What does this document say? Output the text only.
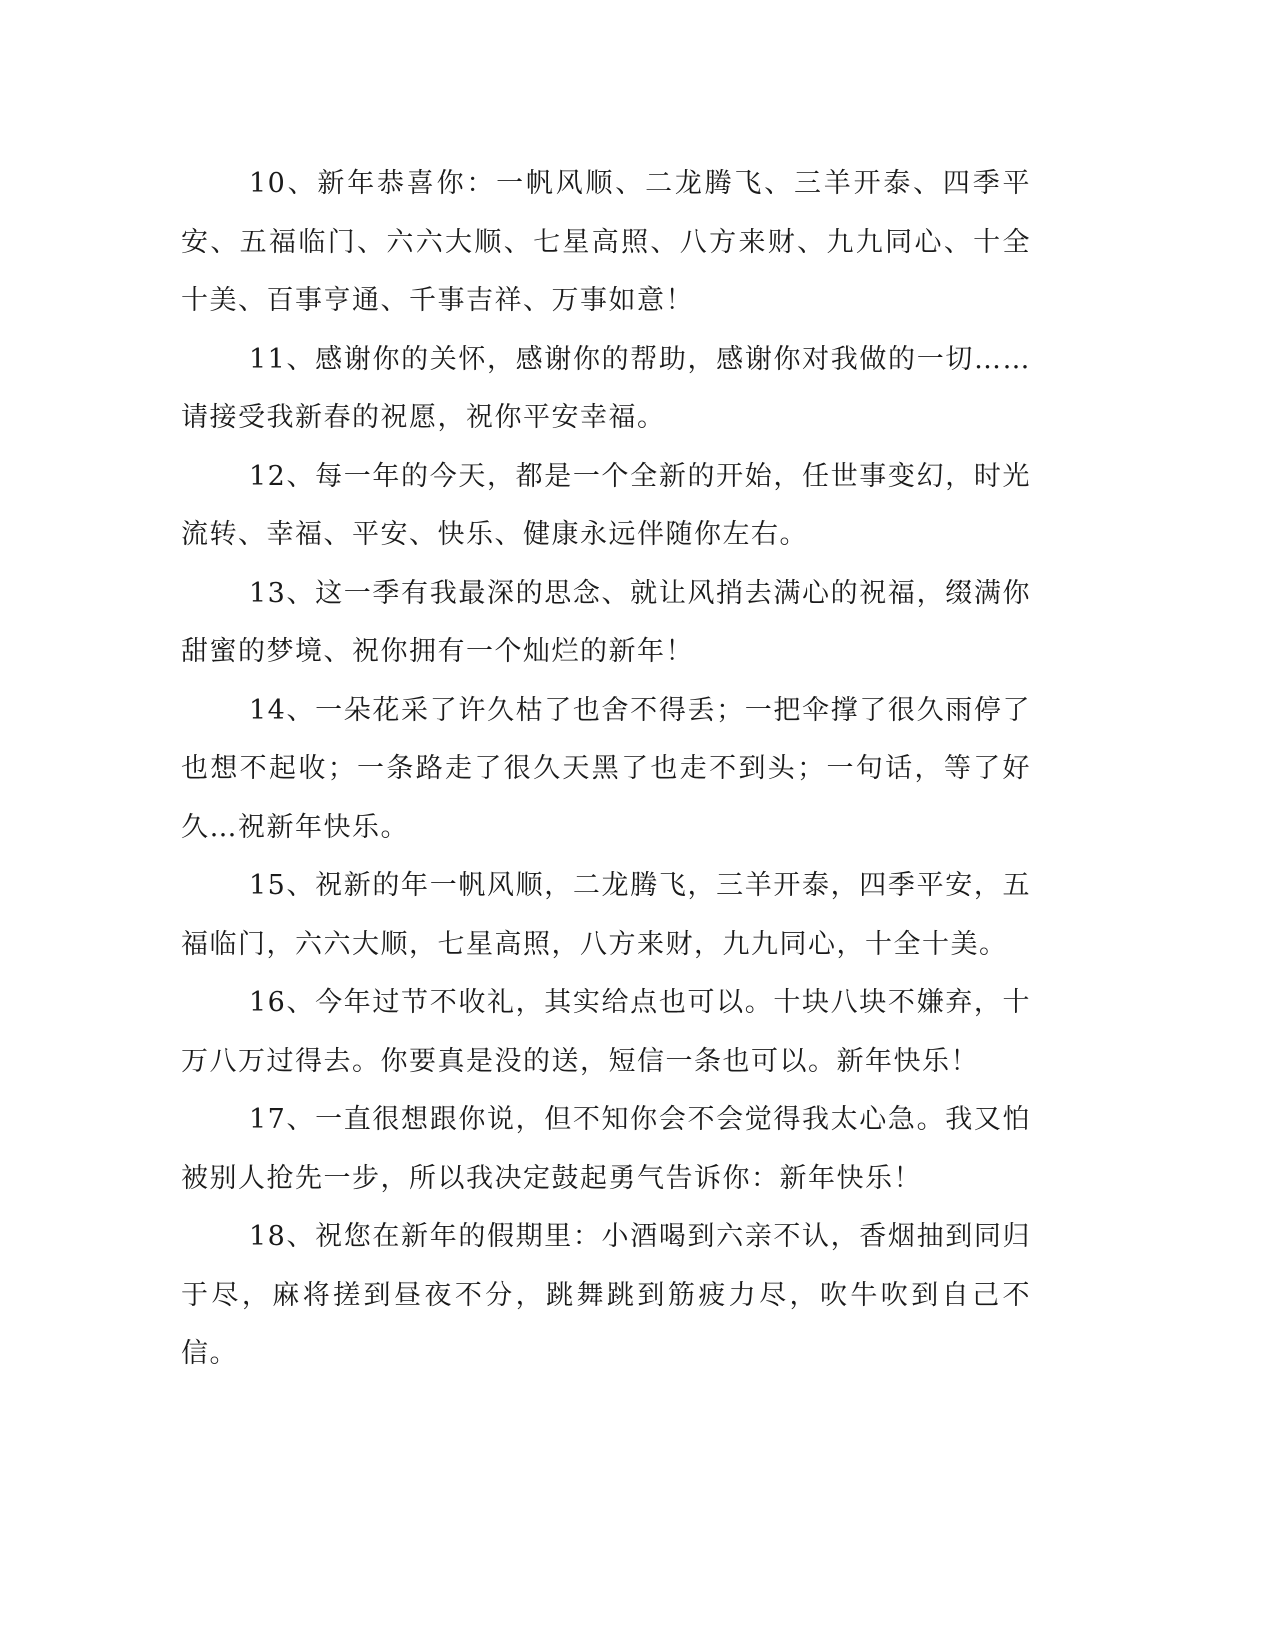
10、新年恭喜你：一帆风顺、二龙腾飞、三羊开泰、四季平安、五福临门、六六大顺、七星高照、八方来财、九九同心、十全十美、百事亨通、千事吉祥、万事如意！

11、感谢你的关怀，感谢你的帮助，感谢你对我做的一切……请接受我新春的祝愿，祝你平安幸福。

12、每一年的今天，都是一个全新的开始，任世事变幻，时光流转、幸福、平安、快乐、健康永远伴随你左右。

13、这一季有我最深的思念、就让风捎去满心的祝福，缀满你甜蜜的梦境、祝你拥有一个灿烂的新年！

14、一朵花采了许久枯了也舍不得丢；一把伞撑了很久雨停了也想不起收；一条路走了很久天黑了也走不到头；一句话，等了好久…祝新年快乐。

15、祝新的年一帆风顺，二龙腾飞，三羊开泰，四季平安，五福临门，六六大顺，七星高照，八方来财，九九同心，十全十美。

16、今年过节不收礼，其实给点也可以。十块八块不嫌弃，十万八万过得去。你要真是没的送，短信一条也可以。新年快乐！

17、一直很想跟你说，但不知你会不会觉得我太心急。我又怕被别人抢先一步，所以我决定鼓起勇气告诉你：新年快乐！

18、祝您在新年的假期里：小酒喝到六亲不认，香烟抽到同归于尽，麻将搓到昼夜不分，跳舞跳到筋疲力尽，吹牛吹到自己不信。
